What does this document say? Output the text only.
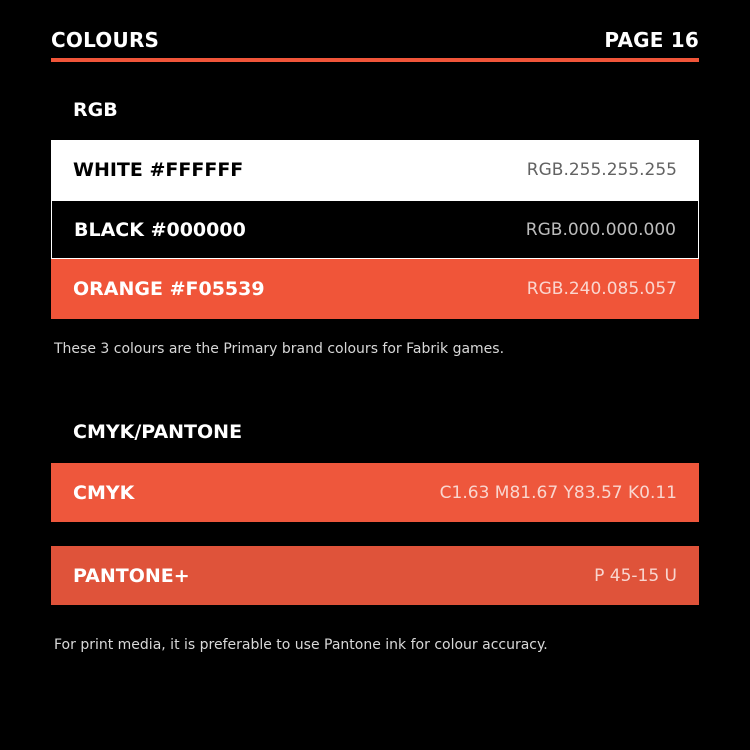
COLOURS	PAGE 16
RGB
WHITE #FFFFFF	RGB.255.255.255
BLACK #000000	RGB.000.000.000
ORANGE #F05539	RGB.240.085.057
These 3 colours are the Primary brand colours for Fabrik games.
CMYK/PANTONE
CMYK	C1.63 M81.67 Y83.57 K0.11
PANTONE+	P 45-15 U
For print media, it is preferable to use Pantone ink for colour accuracy.
